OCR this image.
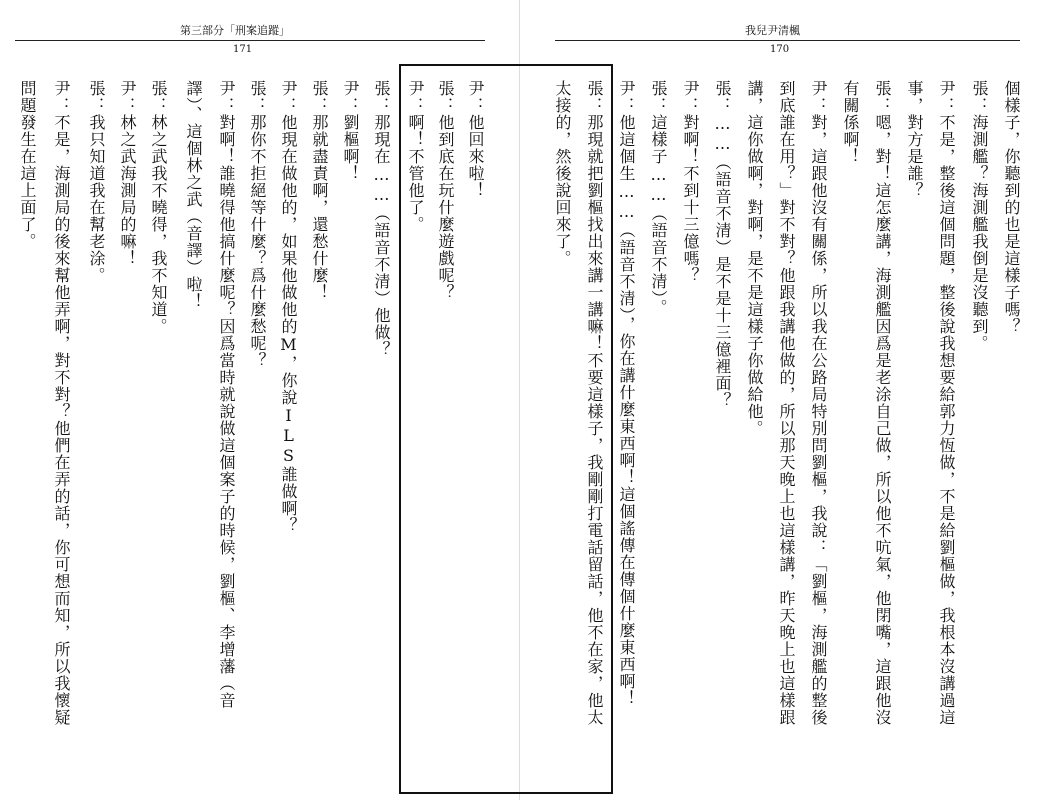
第三部分「刑案追蹤」
171
我兒尹清楓
170
個樣子，你聽到的也是這樣子嗎？
張：海測艦？海測艦我倒是沒聽到。
尹：不是，整後這個問題，整後說我想要給郭力恆做，不是給劉樞做，我根本沒講過這
事，對方是誰？
張：嗯，對！這怎麼講，海測艦因爲是老涂自己做，所以他不吭氣，他閉嘴，這跟他沒
有關係啊！
尹：對，這跟他沒有關係，所以我在公路局特別問劉樞，我說：「劉樞，海測艦的整後
到底誰在用？」對不對？他跟我講他做的，所以那天晚上也這樣講，昨天晚上也這樣跟
講，這你做啊，對啊，是不是這樣子你做給他。
張：……（語音不清）是不是十三億裡面？
尹：對啊！不到十三億嗎？
張：這樣子……（語音不清）。
尹：他這個生……（語音不清），你在講什麼東西啊！這個謠傳在傳個什麼東西啊！
張：那現就把劉樞找出來講一講嘛！不要這樣子，我剛剛打電話留話，他不在家，他太
太接的，然後說回來了。
尹：他回來啦！
張：他到底在玩什麼遊戲呢？
尹：啊！不管他了。
張：那現在……（語音不清）他做？
尹：劉樞啊！
張：那就盡責啊，還愁什麼！
尹：他現在做他的，如果他做他的M，你說ILS誰做啊？
張：那你不拒絕等什麼？爲什麼愁呢？
尹：對啊！誰曉得他搞什麼呢？因爲當時就說做這個案子的時候，劉樞、李增藩（音
譯）、這個林之武（音譯）啦！
張：林之武我不曉得，我不知道。
尹：林之武海測局的嘛！
張：我只知道我在幫老涂。
尹：不是，海測局的後來幫他弄啊，對不對？他們在弄的話，你可想而知，所以我懷疑
問題發生在這上面了。
